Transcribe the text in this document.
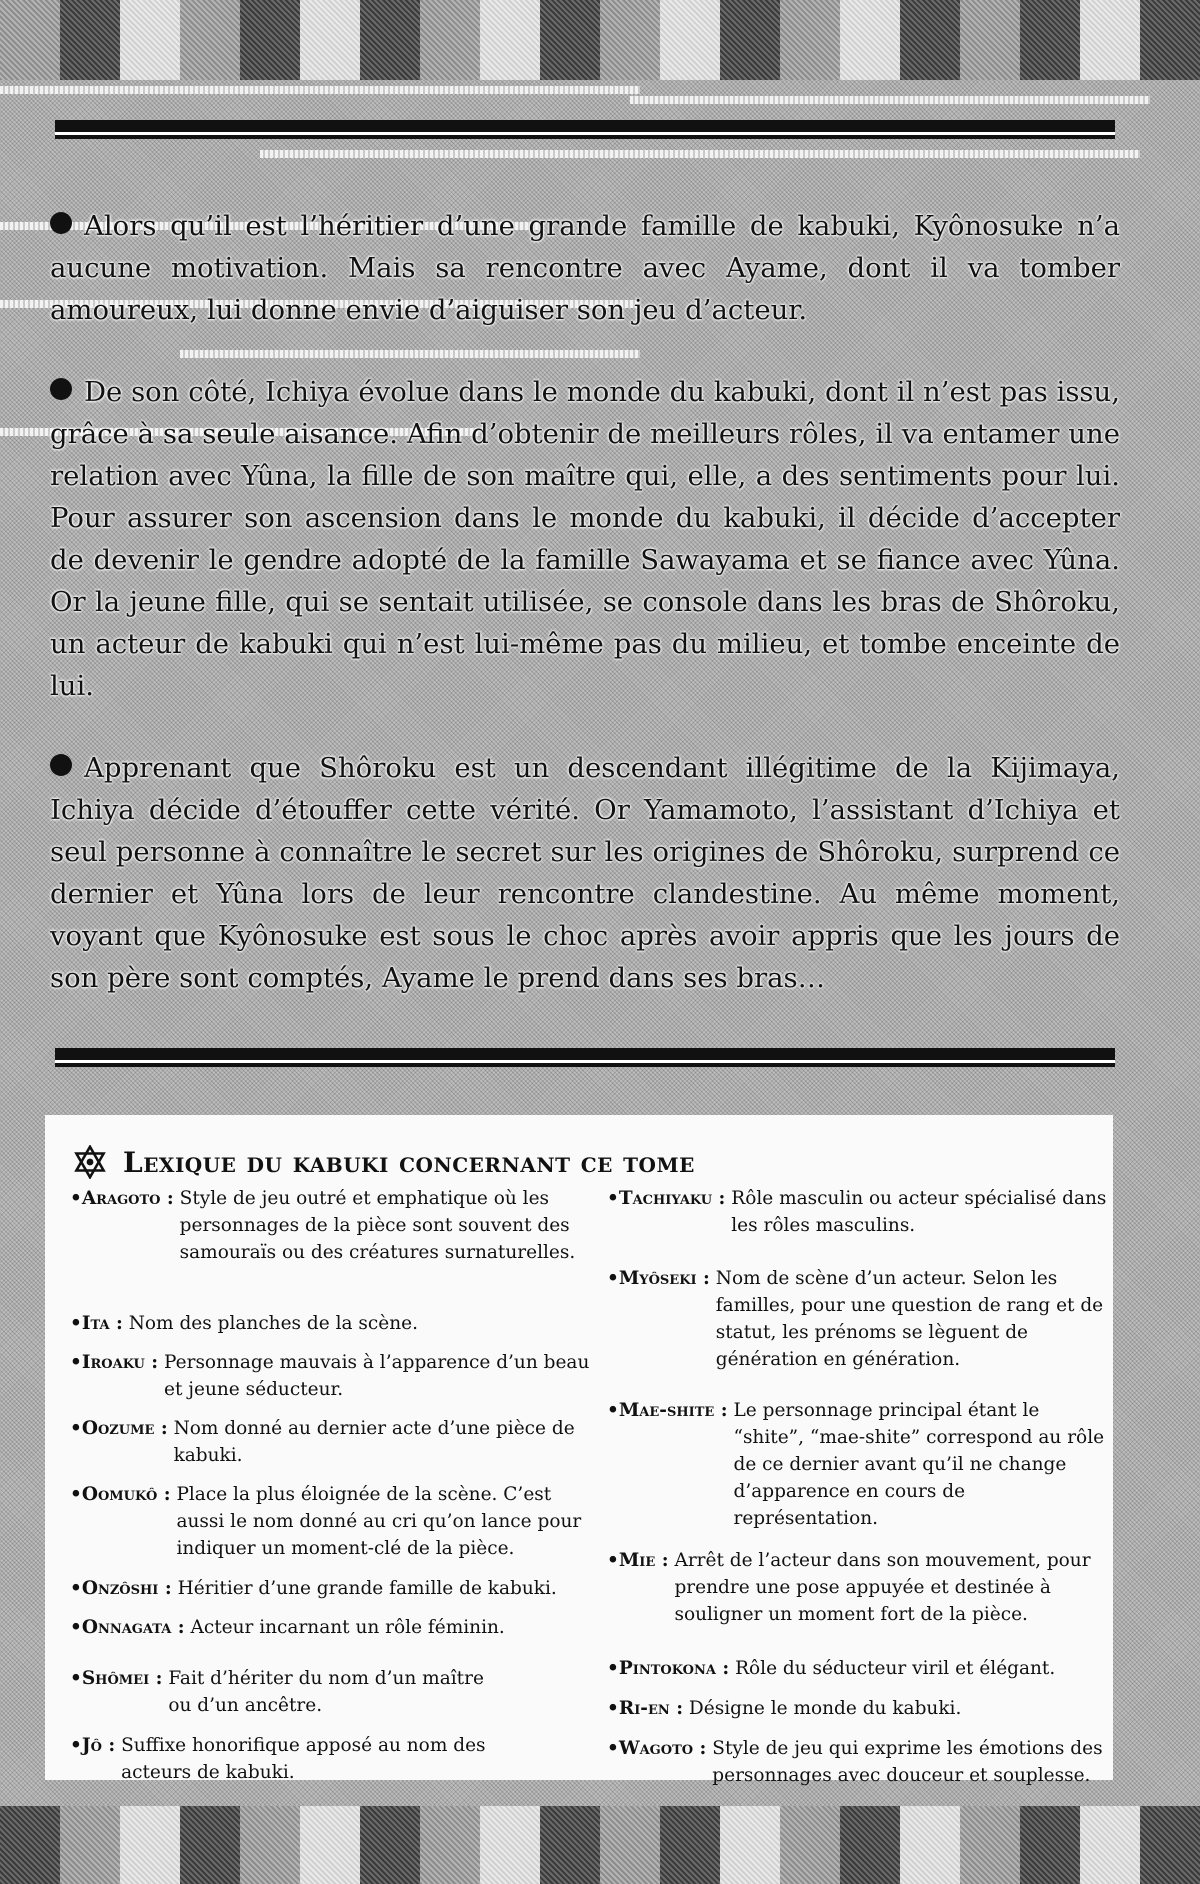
Alors qu’il est l’héritier d’une grande famille de kabuki, Kyônosuke n’a aucune motivation. Mais sa rencontre avec Ayame, dont il va tomber amoureux, lui donne envie d’aiguiser son jeu d’acteur.

De son côté, Ichiya évolue dans le monde du kabuki, dont il n’est pas issu, grâce à sa seule aisance. Afin d’obtenir de meilleurs rôles, il va entamer une relation avec Yûna, la fille de son maître qui, elle, a des sentiments pour lui. Pour assurer son ascension dans le monde du kabuki, il décide d’accepter de devenir le gendre adopté de la famille Sawayama et se fiance avec Yûna. Or la jeune fille, qui se sentait utilisée, se console dans les bras de Shôroku, un acteur de kabuki qui n’est lui-même pas du milieu, et tombe enceinte de lui.

Apprenant que Shôroku est un descendant illégitime de la Kijimaya, Ichiya décide d’étouffer cette vérité. Or Yamamoto, l’assistant d’Ichiya et seul personne à connaître le secret sur les origines de Shôroku, surprend ce dernier et Yûna lors de leur rencontre clandestine. Au même moment, voyant que Kyônosuke est sous le choc après avoir appris que les jours de son père sont comptés, Ayame le prend dans ses bras…

Lexique du kabuki concernant ce tome
•Aragoto :
Style de jeu outré et emphatique où les personnages de la pièce sont souvent des samouraïs ou des créatures surnaturelles.
•Ita :
Nom des planches de la scène.
•Iroaku :
Personnage mauvais à l’apparence d’un beau et jeune séducteur.
•Oozume :
Nom donné au dernier acte d’une pièce de kabuki.
•Oomukô :
Place la plus éloignée de la scène. C’est aussi le nom donné au cri qu’on lance pour indiquer un moment-clé de la pièce.
•Onzôshi :
Héritier d’une grande famille de kabuki.
•Onnagata :
Acteur incarnant un rôle féminin.
•Shômei :
Fait d’hériter du nom d’un maître ou d’un ancêtre.
•Jô :
Suffixe honorifique apposé au nom des acteurs de kabuki.
•Tachiyaku :
Rôle masculin ou acteur spécialisé dans les rôles masculins.
•Myôseki :
Nom de scène d’un acteur. Selon les familles, pour une question de rang et de statut, les prénoms se lèguent de génération en génération.
•Mae-shite :
Le personnage principal étant le “shite”, “mae-shite” correspond au rôle de ce dernier avant qu’il ne change d’apparence en cours de représentation.
•Mie :
Arrêt de l’acteur dans son mouvement, pour prendre une pose appuyée et destinée à souligner un moment fort de la pièce.
•Pintokona :
Rôle du séducteur viril et élégant.
•Ri-en :
Désigne le monde du kabuki.
•Wagoto :
Style de jeu qui exprime les émotions des personnages avec douceur et souplesse.
